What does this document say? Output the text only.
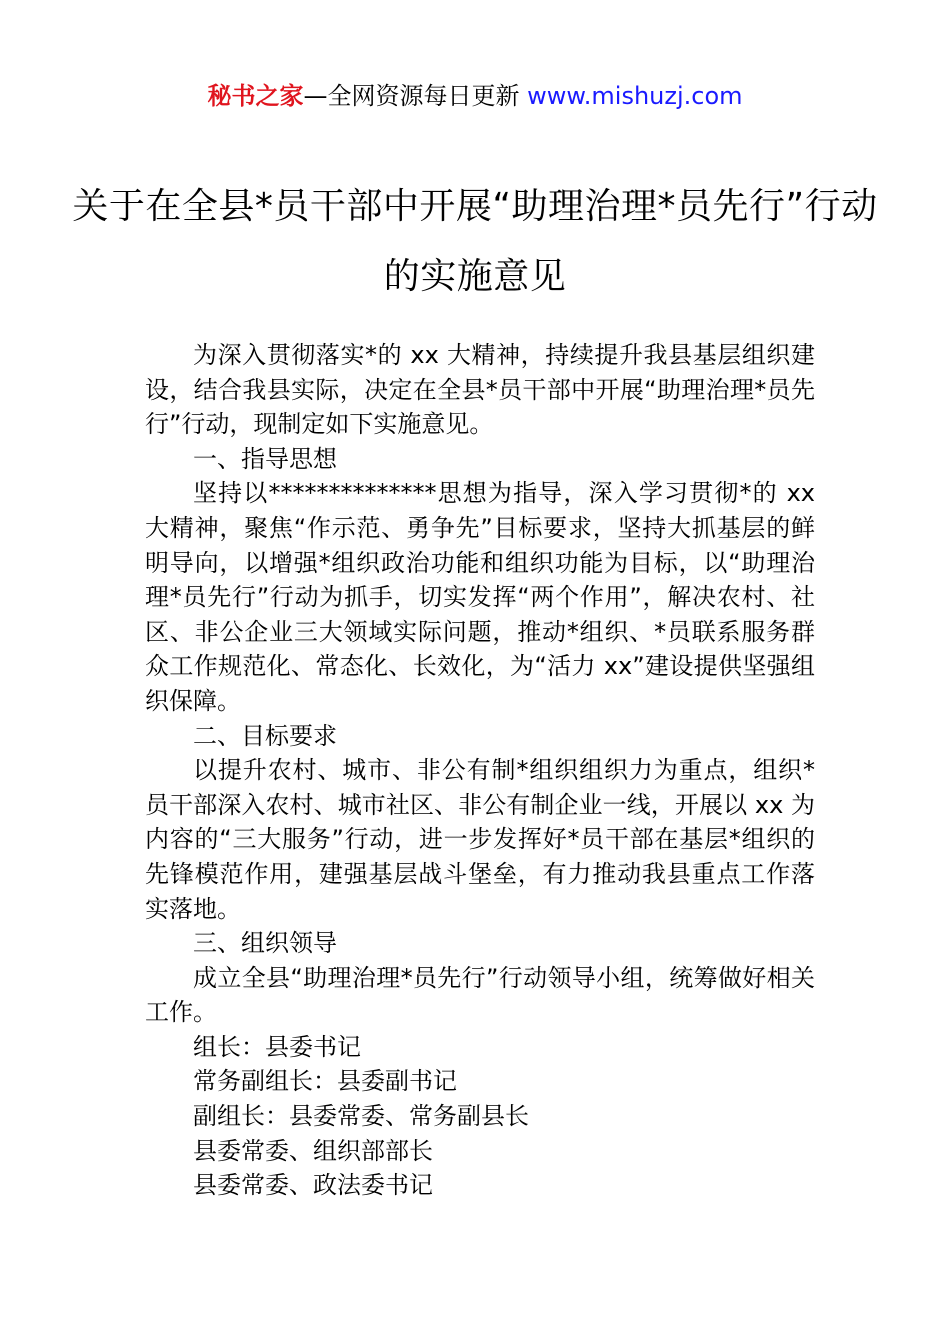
秘书之家—全网资源每日更新 www.mishuzj.com
关于在全县*员干部中开展“助理治理*员先行”行动的实施意见

为深入贯彻落实*的 xx 大精神，持续提升我县基层组织建设，结合我县实际，决定在全县*员干部中开展“助理治理*员先行”行动，现制定如下实施意见。

一、指导思想

坚持以**************思想为指导，深入学习贯彻*的 xx 大精神，聚焦“作示范、勇争先”目标要求，坚持大抓基层的鲜明导向，以增强*组织政治功能和组织功能为目标，以“助理治理*员先行”行动为抓手，切实发挥“两个作用”，解决农村、社区、非公企业三大领域实际问题，推动*组织、*员联系服务群众工作规范化、常态化、长效化，为“活力 xx”建设提供坚强组织保障。

二、目标要求

以提升农村、城市、非公有制*组织组织力为重点，组织*员干部深入农村、城市社区、非公有制企业一线，开展以 xx 为内容的“三大服务”行动，进一步发挥好*员干部在基层*组织的先锋模范作用，建强基层战斗堡垒，有力推动我县重点工作落实落地。

三、组织领导

成立全县“助理治理*员先行”行动领导小组，统筹做好相关工作。

组长：县委书记

常务副组长：县委副书记

副组长：县委常委、常务副县长

县委常委、组织部部长

县委常委、政法委书记
